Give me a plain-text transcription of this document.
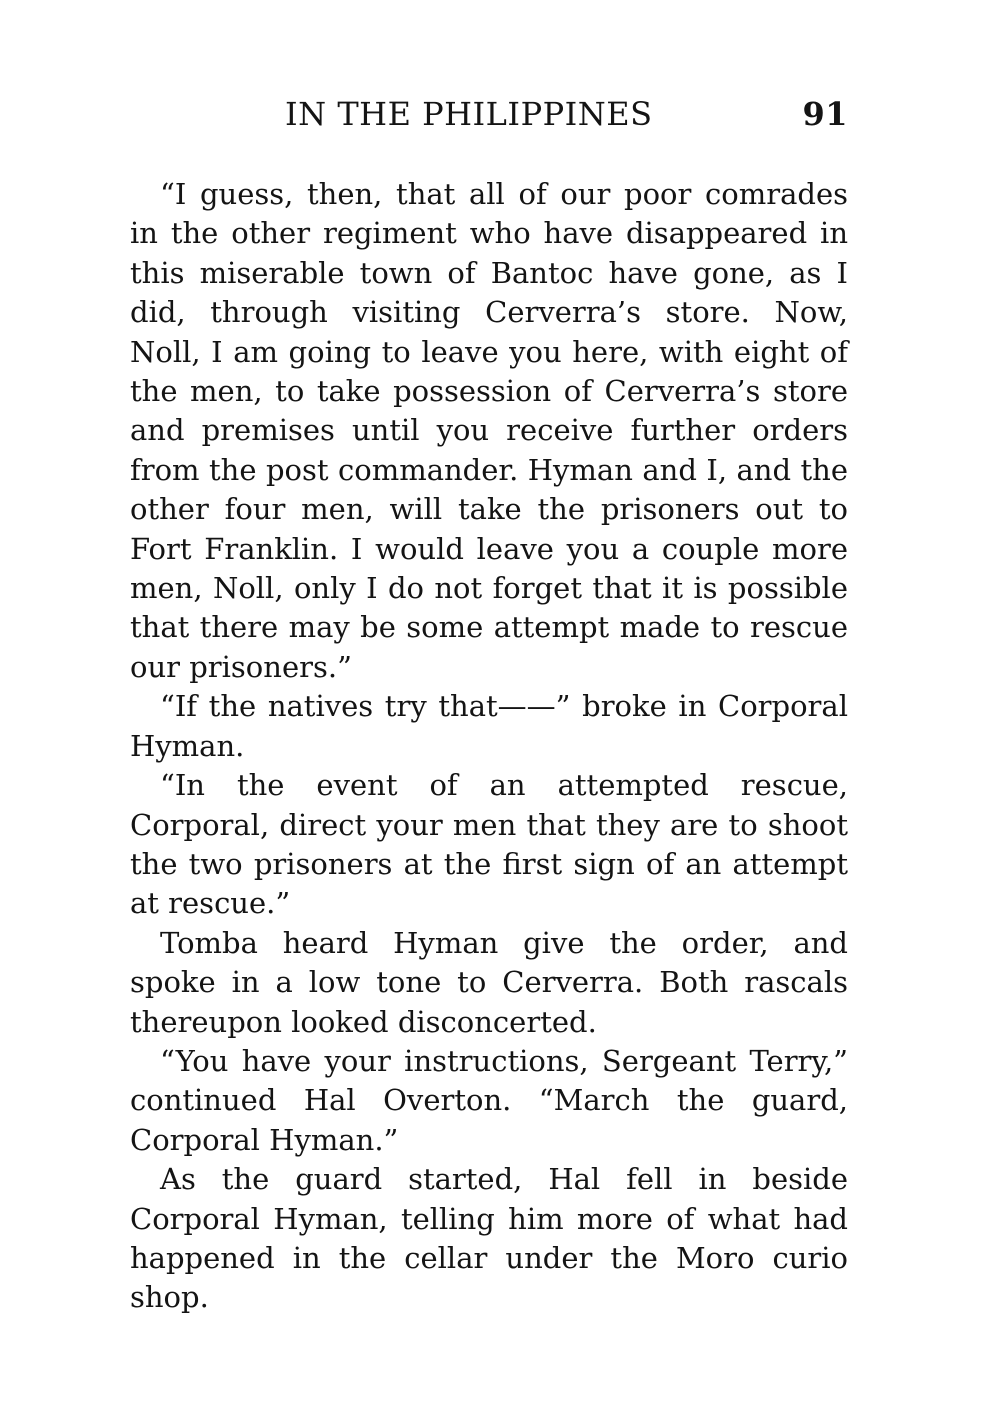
IN THE PHILIPPINES	91

“I guess, then, that all of our poor comrades in the other regiment who have disappeared in this miserable town of Bantoc have gone, as I did, through visiting Cerverra’s store. Now, Noll, I am going to leave you here, with eight of the men, to take possession of Cerverra’s store and premises until you receive further orders from the post commander. Hyman and I, and the other four men, will take the prisoners out to Fort Franklin. I would leave you a couple more men, Noll, only I do not forget that it is possible that there may be some attempt made to rescue our prisoners.”

“If the natives try that——” broke in Corporal Hyman.

“In the event of an attempted rescue, Corporal, direct your men that they are to shoot the two prisoners at the first sign of an attempt at rescue.”

Tomba heard Hyman give the order, and spoke in a low tone to Cerverra. Both rascals thereupon looked disconcerted.

“You have your instructions, Sergeant Terry,” continued Hal Overton. “March the guard, Corporal Hyman.”

As the guard started, Hal fell in beside Corporal Hyman, telling him more of what had happened in the cellar under the Moro curio shop.
